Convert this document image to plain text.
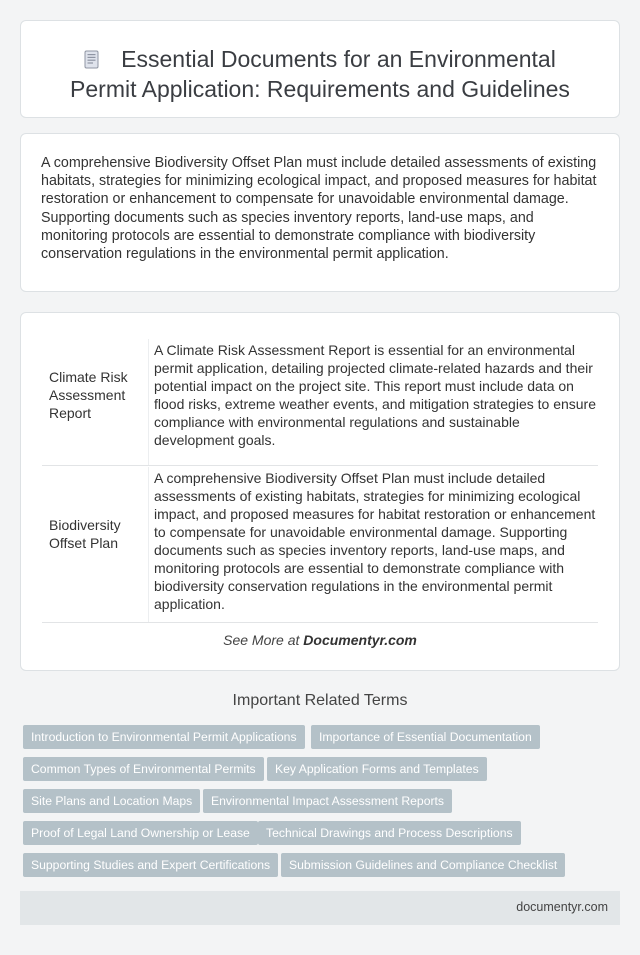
Essential Documents for an Environmental Permit Application: Requirements and Guidelines

A comprehensive Biodiversity Offset Plan must include detailed assessments of existing habitats, strategies for minimizing ecological impact, and proposed measures for habitat restoration or enhancement to compensate for unavoidable environmental damage. Supporting documents such as species inventory reports, land-use maps, and monitoring protocols are essential to demonstrate compliance with biodiversity conservation regulations in the environmental permit application.

Climate Risk Assessment Report
A Climate Risk Assessment Report is essential for an environmental permit application, detailing projected climate-related hazards and their potential impact on the project site. This report must include data on flood risks, extreme weather events, and mitigation strategies to ensure compliance with environmental regulations and sustainable development goals.
Biodiversity Offset Plan
A comprehensive Biodiversity Offset Plan must include detailed assessments of existing habitats, strategies for minimizing ecological impact, and proposed measures for habitat restoration or enhancement to compensate for unavoidable environmental damage. Supporting documents such as species inventory reports, land-use maps, and monitoring protocols are essential to demonstrate compliance with biodiversity conservation regulations in the environmental permit application.
See More at Documentyr.com
Important Related Terms
Introduction to Environmental Permit Applications	Importance of Essential Documentation
Common Types of Environmental Permits	Key Application Forms and Templates
Site Plans and Location Maps	Environmental Impact Assessment Reports
Proof of Legal Land Ownership or Lease	Technical Drawings and Process Descriptions
Supporting Studies and Expert Certifications	Submission Guidelines and Compliance Checklist
documentyr.com
